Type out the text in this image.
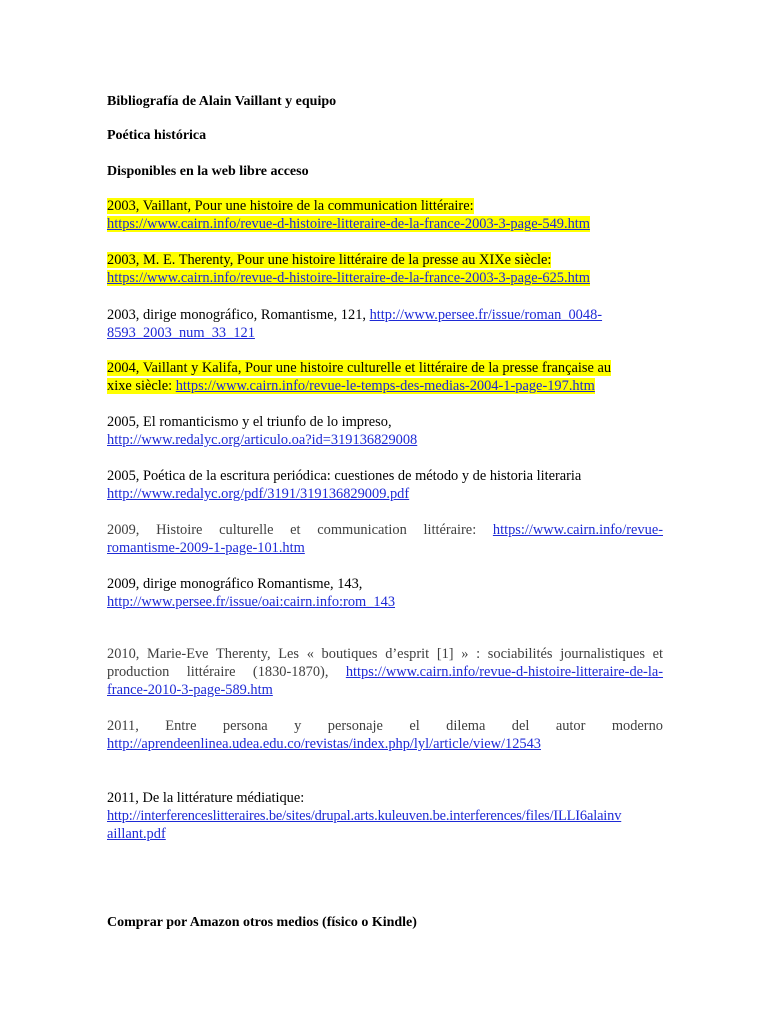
Bibliografía de Alain Vaillant y equipo
Poética histórica
Disponibles en la web libre acceso
2003, Vaillant, Pour une histoire de la communication littéraire:
https://www.cairn.info/revue-d-histoire-litteraire-de-la-france-2003-3-page-549.htm
2003, M. E. Therenty, Pour une histoire littéraire de la presse au XIXe siècle:
https://www.cairn.info/revue-d-histoire-litteraire-de-la-france-2003-3-page-625.htm
2003, dirige monográfico, Romantisme, 121, http://www.persee.fr/issue/roman_0048-
8593_2003_num_33_121
2004, Vaillant y Kalifa, Pour une histoire culturelle et littéraire de la presse française au
xixe siècle: https://www.cairn.info/revue-le-temps-des-medias-2004-1-page-197.htm
2005, El romanticismo y el triunfo de lo impreso,
http://www.redalyc.org/articulo.oa?id=319136829008
2005, Poética de la escritura periódica: cuestiones de método y de historia literaria
http://www.redalyc.org/pdf/3191/319136829009.pdf
2009, Histoire culturelle et communication littéraire: https://www.cairn.info/revue-
romantisme-2009-1-page-101.htm
2009, dirige monográfico Romantisme, 143,
http://www.persee.fr/issue/oai:cairn.info:rom_143
2010, Marie-Eve Therenty, Les « boutiques d’esprit [1] » : sociabilités journalistiques et
production littéraire (1830-1870), https://www.cairn.info/revue-d-histoire-litteraire-de-la-
france-2010-3-page-589.htm
2011, Entre persona y personaje el dilema del autor moderno
http://aprendeenlinea.udea.edu.co/revistas/index.php/lyl/article/view/12543
2011, De la littérature médiatique:
http://interferenceslitteraires.be/sites/drupal.arts.kuleuven.be.interferences/files/ILLI6alainv
aillant.pdf
Comprar por Amazon otros medios (físico o Kindle)
